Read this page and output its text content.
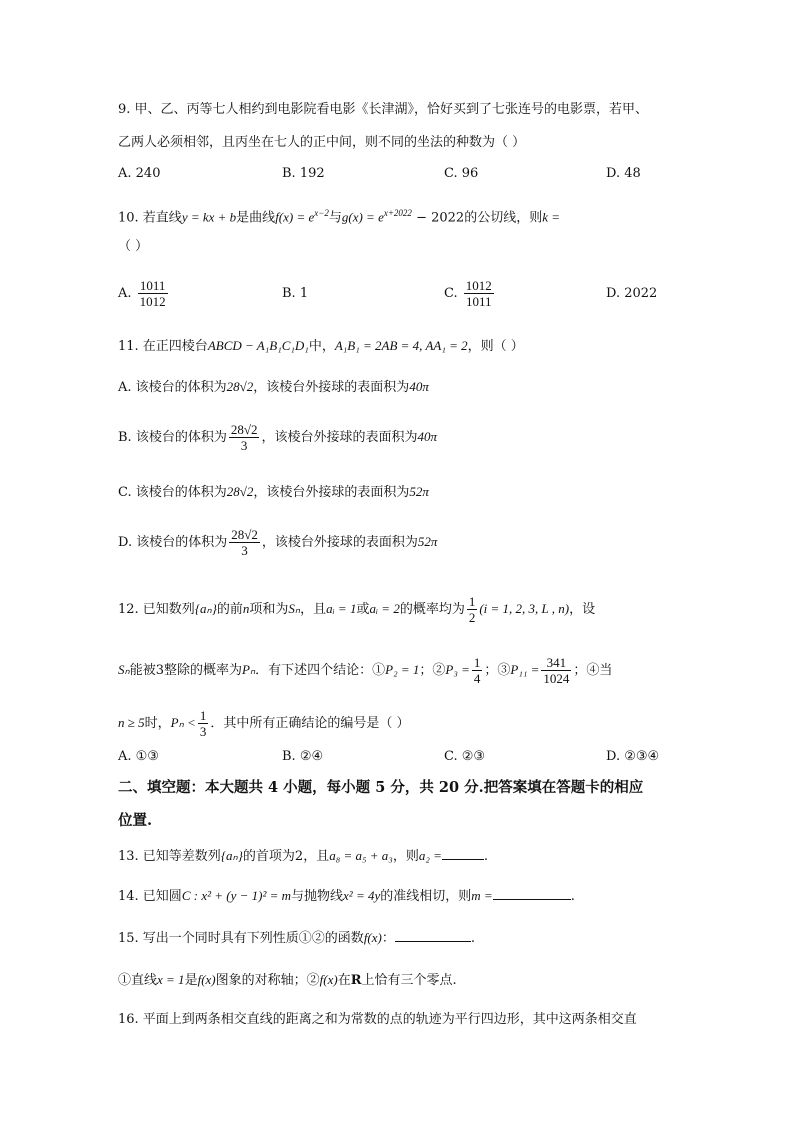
9. 甲、乙、丙等七人相约到电影院看电影《长津湖》，恰好买到了七张连号的电影票，若甲、
乙两人必须相邻，且丙坐在七人的正中间，则不同的坐法的种数为（ ）
A. 240	B. 192	C. 96	D. 48
10. 若直线y = kx + b是曲线$f(x) = e^{x-2}$与$g(x) = e^{x+2022} - 2022$的公切线，则k =
（ ）
A. $\frac{1011}{1012}$	B. 1	C. $\frac{1012}{1011}$	D. 2022
11. 在正四棱台ABCD − A₁B₁C₁D₁中，A₁B₁ = 2AB = 4, AA₁ = 2，则（ ）
A. 该棱台的体积为28√2，该棱台外接球的表面积为40π
B. 该棱台的体积为 $\frac{28√2}{3}$ ，该棱台外接球的表面积为40π
C. 该棱台的体积为28√2，该棱台外接球的表面积为52π
D. 该棱台的体积为 $\frac{28√2}{3}$ ，该棱台外接球的表面积为52π
12. 已知数列{aₙ}的前n项和为Sₙ，且aᵢ = 1或aᵢ = 2的概率均为 $\frac{1}{2} (i = 1$, 2, 3, L , n)，设
Sₙ能被3整除的概率为Pₙ．有下述四个结论：①P₂ = 1；②P₃ = $\frac{1}{4}$ ；③P₁₁ = $\frac{341}{1024}$ ；④当
n ≥ 5时，$P_n < \frac{1}{3}$ ．其中所有正确结论的编号是（ ）
A. ①③	B. ②④	C. ②③	D. ②③④
二、填空题：本大题共 4 小题，每小题 5 分，共 20 分.把答案填在答题卡的相应
位置.
13. 已知等差数列{aₙ}的首项为2，且a₈ = a₅ + a₃，则a₂ =	.
14. 已知圆C : x² + (y − 1)² = m与抛物线x² = 4y的准线相切，则m =	.
15. 写出一个同时具有下列性质①②的函数f(x)：	.
①直线x = 1是f(x)图象的对称轴；②f(x)在R上恰有三个零点.
16. 平面上到两条相交直线的距离之和为常数的点的轨迹为平行四边形，其中这两条相交直
